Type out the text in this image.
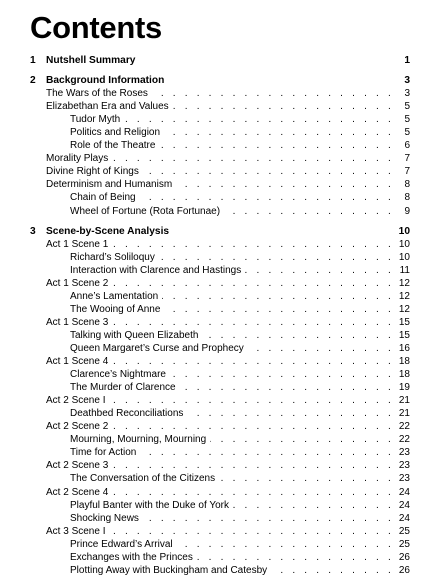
Contents
1	Nutshell Summary	1
2	Background Information	3
The Wars of the Roses . . .	3
Elizabethan Era and Values . . .	5
Tudor Myth . . .	5
Politics and Religion . . .	5
Role of the Theatre . . .	6
Morality Plays . . .	7
Divine Right of Kings . . .	7
Determinism and Humanism . . .	8
Chain of Being . . .	8
Wheel of Fortune (Rota Fortunae) . . .	9
3	Scene-by-Scene Analysis	10
Act 1 Scene 1 . . .	10
Richard’s Soliloquy . . .	10
Interaction with Clarence and Hastings . . .	11
Act 1 Scene 2 . . .	12
Anne’s Lamentation . . .	12
The Wooing of Anne . . .	12
Act 1 Scene 3 . . .	15
Talking with Queen Elizabeth . . .	15
Queen Margaret’s Curse and Prophecy . . .	16
Act 1 Scene 4 . . .	18
Clarence’s Nightmare . . .	18
The Murder of Clarence . . .	19
Act 2 Scene I . . .	21
Deathbed Reconciliations . . .	21
Act 2 Scene 2 . . .	22
Mourning, Mourning, Mourning . . .	22
Time for Action . . .	23
Act 2 Scene 3 . . .	23
The Conversation of the Citizens . . .	23
Act 2 Scene 4 . . .	24
Playful Banter with the Duke of York . . .	24
Shocking News . . .	24
Act 3 Scene I . . .	25
Prince Edward’s Arrival . . .	25
Exchanges with the Princes . . .	26
Plotting Away with Buckingham and Catesby . . .	26
